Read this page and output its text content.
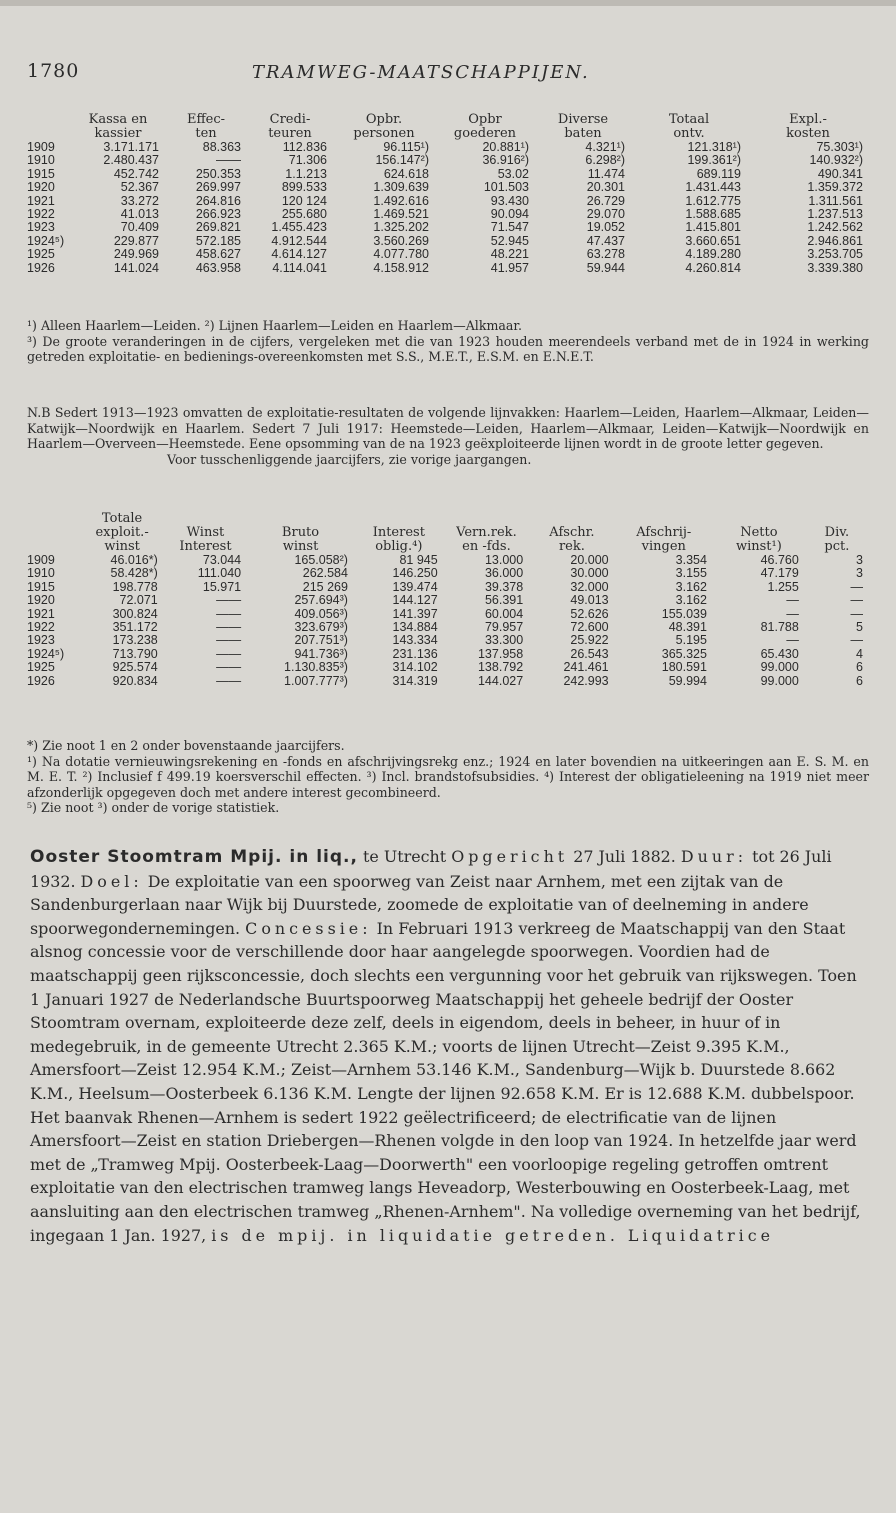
1780	TRAMWEG-MAATSCHAPPIJEN.
	Kassa en	Effec-	Credi-	Opbr.	Opbr	Diverse	Totaal	Expl.-
	kassier	ten	teuren	personen	goederen	baten	ontv.	kosten
1909	3.171.171	88.363	112.836	96.115¹)	20.881¹)	4.321¹)	121.318¹)	75.303¹)
1910	2.480.437	——	71.306	156.147²)	36.916²)	6.298²)	199.361²)	140.932²)
1915	452.742	250.353	1.1.213	624.618	53.02	11.474	689.119	490.341
1920	52.367	269.997	899.533	1.309.639	101.503	20.301	1.431.443	1.359.372
1921	33.272	264.816	120 124	1.492.616	93.430	26.729	1.612.775	1.311.561
1922	41.013	266.923	255.680	1.469.521	90.094	29.070	1.588.685	1.237.513
1923	70.409	269.821	1.455.423	1.325.202	71.547	19.052	1.415.801	1.242.562
1924⁵)	229.877	572.185	4.912.544	3.560.269	52.945	47.437	3.660.651	2.946.861
1925	249.969	458.627	4.614.127	4.077.780	48.221	63.278	4.189.280	3.253.705
1926	141.024	463.958	4.114.041	4.158.912	41.957	59.944	4.260.814	3.339.380

¹) Alleen Haarlem—Leiden. ²) Lijnen Haarlem—Leiden en Haarlem—Alkmaar.

³) De groote veranderingen in de cijfers, vergeleken met die van 1923 houden meerendeels verband met de in 1924 in werking getreden exploitatie- en bedienings-overeenkomsten met S.S., M.E.T., E.S.M. en E.N.E.T.

N.B Sedert 1913—1923 omvatten de exploitatie-resultaten de volgende lijnvakken: Haarlem—Leiden, Haarlem—Alkmaar, Leiden—Katwijk—Noordwijk en Haarlem. Sedert 7 Juli 1917: Heemstede—Leiden, Haarlem—Alkmaar, Leiden—Katwijk—Noordwijk en Haarlem—Overveen—Heemstede. Eene opsomming van de na 1923 geëxploiteerde lijnen wordt in de groote letter gegeven.

Voor tusschenliggende jaarcijfers, zie vorige jaargangen.

	Totale								
	exploit.-	Winst	Bruto	Interest	Vern.rek.	Afschr.	Afschrij-	Netto	Div.
	winst	Interest	winst	oblig.⁴)	en -fds.	rek.	vingen	winst¹)	pct.
1909	46.016*)	73.044	165.058²)	81 945	13.000	20.000	3.354	46.760	3
1910	58.428*)	111.040	262.584	146.250	36.000	30.000	3.155	47.179	3
1915	198.778	15.971	215 269	139.474	39.378	32.000	3.162	1.255	—
1920	72.071	——	257.694³)	144.127	56.391	49.013	3.162	—	—
1921	300.824	——	409.056³)	141.397	60.004	52.626	155.039	—	—
1922	351.172	——	323.679³)	134.884	79.957	72.600	48.391	81.788	5
1923	173.238	——	207.751³)	143.334	33.300	25.922	5.195	—	—
1924⁵)	713.790	——	941.736³)	231.136	137.958	26.543	365.325	65.430	4
1925	925.574	——	1.130.835³)	314.102	138.792	241.461	180.591	99.000	6
1926	920.834	——	1.007.777³)	314.319	144.027	242.993	59.994	99.000	6

*) Zie noot 1 en 2 onder bovenstaande jaarcijfers.

¹) Na dotatie vernieuwingsrekening en -fonds en afschrijvingsrekg enz.; 1924 en later bovendien na uitkeeringen aan E. S. M. en M. E. T. ²) Inclusief f 499.19 koersverschil effecten. ³) Incl. brandstofsubsidies. ⁴) Interest der obligatieleening na 1919 niet meer afzonderlijk opgegeven doch met andere interest gecombineerd.

⁵) Zie noot ³) onder de vorige statistiek.

Ooster Stoomtram Mpij. in liq., te Utrecht Opgericht 27 Juli 1882. Duur: tot 26 Juli 1932. Doel: De exploitatie van een spoorweg van Zeist naar Arnhem, met een zijtak van de Sandenburgerlaan naar Wijk bij Duurstede, zoomede de exploitatie van of deelneming in andere spoorwegondernemingen. Concessie: In Februari 1913 verkreeg de Maatschappij van den Staat alsnog concessie voor de verschillende door haar aangelegde spoorwegen. Voordien had de maatschappij geen rijksconcessie, doch slechts een vergunning voor het gebruik van rijkswegen. Toen 1 Januari 1927 de Nederlandsche Buurtspoorweg Maatschappij het geheele bedrijf der Ooster Stoomtram overnam, exploiteerde deze zelf, deels in eigendom, deels in beheer, in huur of in medegebruik, in de gemeente Utrecht 2.365 K.M.; voorts de lijnen Utrecht—Zeist 9.395 K.M., Amersfoort—Zeist 12.954 K.M.; Zeist—Arnhem 53.146 K.M., Sandenburg—Wijk b. Duurstede 8.662 K.M., Heelsum—Oosterbeek 6.136 K.M. Lengte der lijnen 92.658 K.M. Er is 12.688 K.M. dubbelspoor. Het baanvak Rhenen—Arnhem is sedert 1922 geëlectrificeerd; de electrificatie van de lijnen Amersfoort—Zeist en station Driebergen—Rhenen volgde in den loop van 1924. In hetzelfde jaar werd met de „Tramweg Mpij. Oosterbeek-Laag—Doorwerth" een voorloopige regeling getroffen omtrent exploitatie van den electrischen tramweg langs Heveadorp, Westerbouwing en Oosterbeek-Laag, met aansluiting aan den electrischen tramweg „Rhenen-Arnhem". Na volledige overneming van het bedrijf, ingegaan 1 Jan. 1927, is de mpij. in liquidatie getreden. Liquidatrice
